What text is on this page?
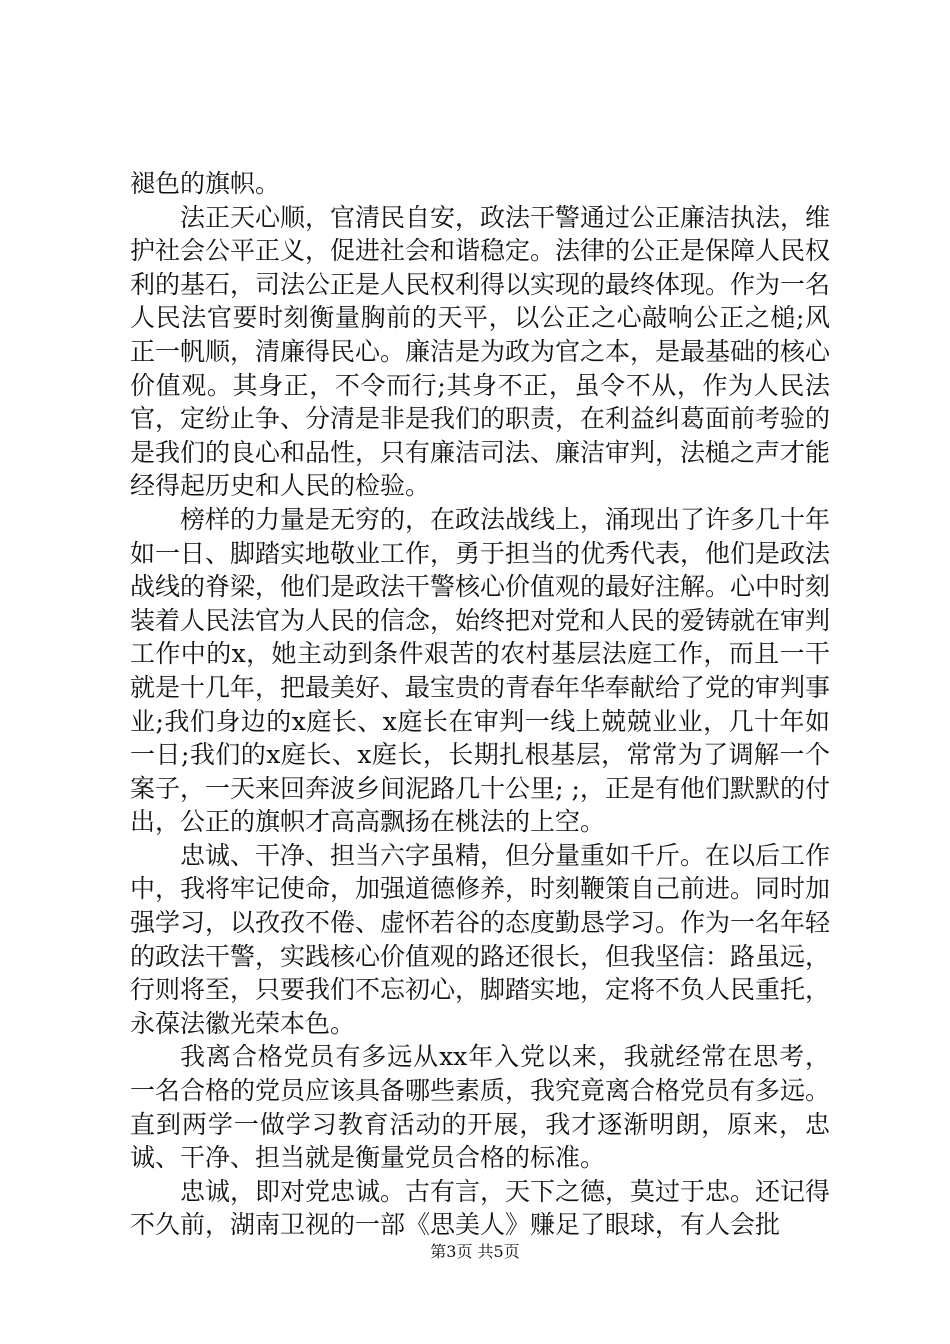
褪色的旗帜。

法正天心顺，官清民自安，政法干警通过公正廉洁执法，维护社会公平正义，促进社会和谐稳定。法律的公正是保障人民权利的基石，司法公正是人民权利得以实现的最终体现。作为一名人民法官要时刻衡量胸前的天平，以公正之心敲响公正之槌;风正一帆顺，清廉得民心。廉洁是为政为官之本，是最基础的核心价值观。其身正，不令而行;其身不正，虽令不从，作为人民法官，定纷止争、分清是非是我们的职责，在利益纠葛面前考验的是我们的良心和品性，只有廉洁司法、廉洁审判，法槌之声才能经得起历史和人民的检验。

榜样的力量是无穷的，在政法战线上，涌现出了许多几十年如一日、脚踏实地敬业工作，勇于担当的优秀代表，他们是政法战线的脊梁，他们是政法干警核心价值观的最好注解。心中时刻装着人民法官为人民的信念，始终把对党和人民的爱铸就在审判工作中的x，她主动到条件艰苦的农村基层法庭工作，而且一干就是十几年，把最美好、最宝贵的青春年华奉献给了党的审判事业;我们身边的x庭长、x庭长在审判一线上兢兢业业，几十年如一日;我们的x庭长、x庭长，长期扎根基层，常常为了调解一个案子，一天来回奔波乡间泥路几十公里; ;，正是有他们默默的付出，公正的旗帜才高高飘扬在桃法的上空。

忠诚、干净、担当六字虽精，但分量重如千斤。在以后工作中，我将牢记使命，加强道德修养，时刻鞭策自己前进。同时加强学习，以孜孜不倦、虚怀若谷的态度勤恳学习。作为一名年轻的政法干警，实践核心价值观的路还很长，但我坚信：路虽远，行则将至，只要我们不忘初心，脚踏实地，定将不负人民重托，永葆法徽光荣本色。

我离合格党员有多远从xx年入党以来，我就经常在思考，一名合格的党员应该具备哪些素质，我究竟离合格党员有多远。直到两学一做学习教育活动的开展，我才逐渐明朗，原来，忠诚、干净、担当就是衡量党员合格的标准。

忠诚，即对党忠诚。古有言，天下之德，莫过于忠。还记得不久前，湖南卫视的一部《思美人》赚足了眼球，有人会批

第3页 共5页
